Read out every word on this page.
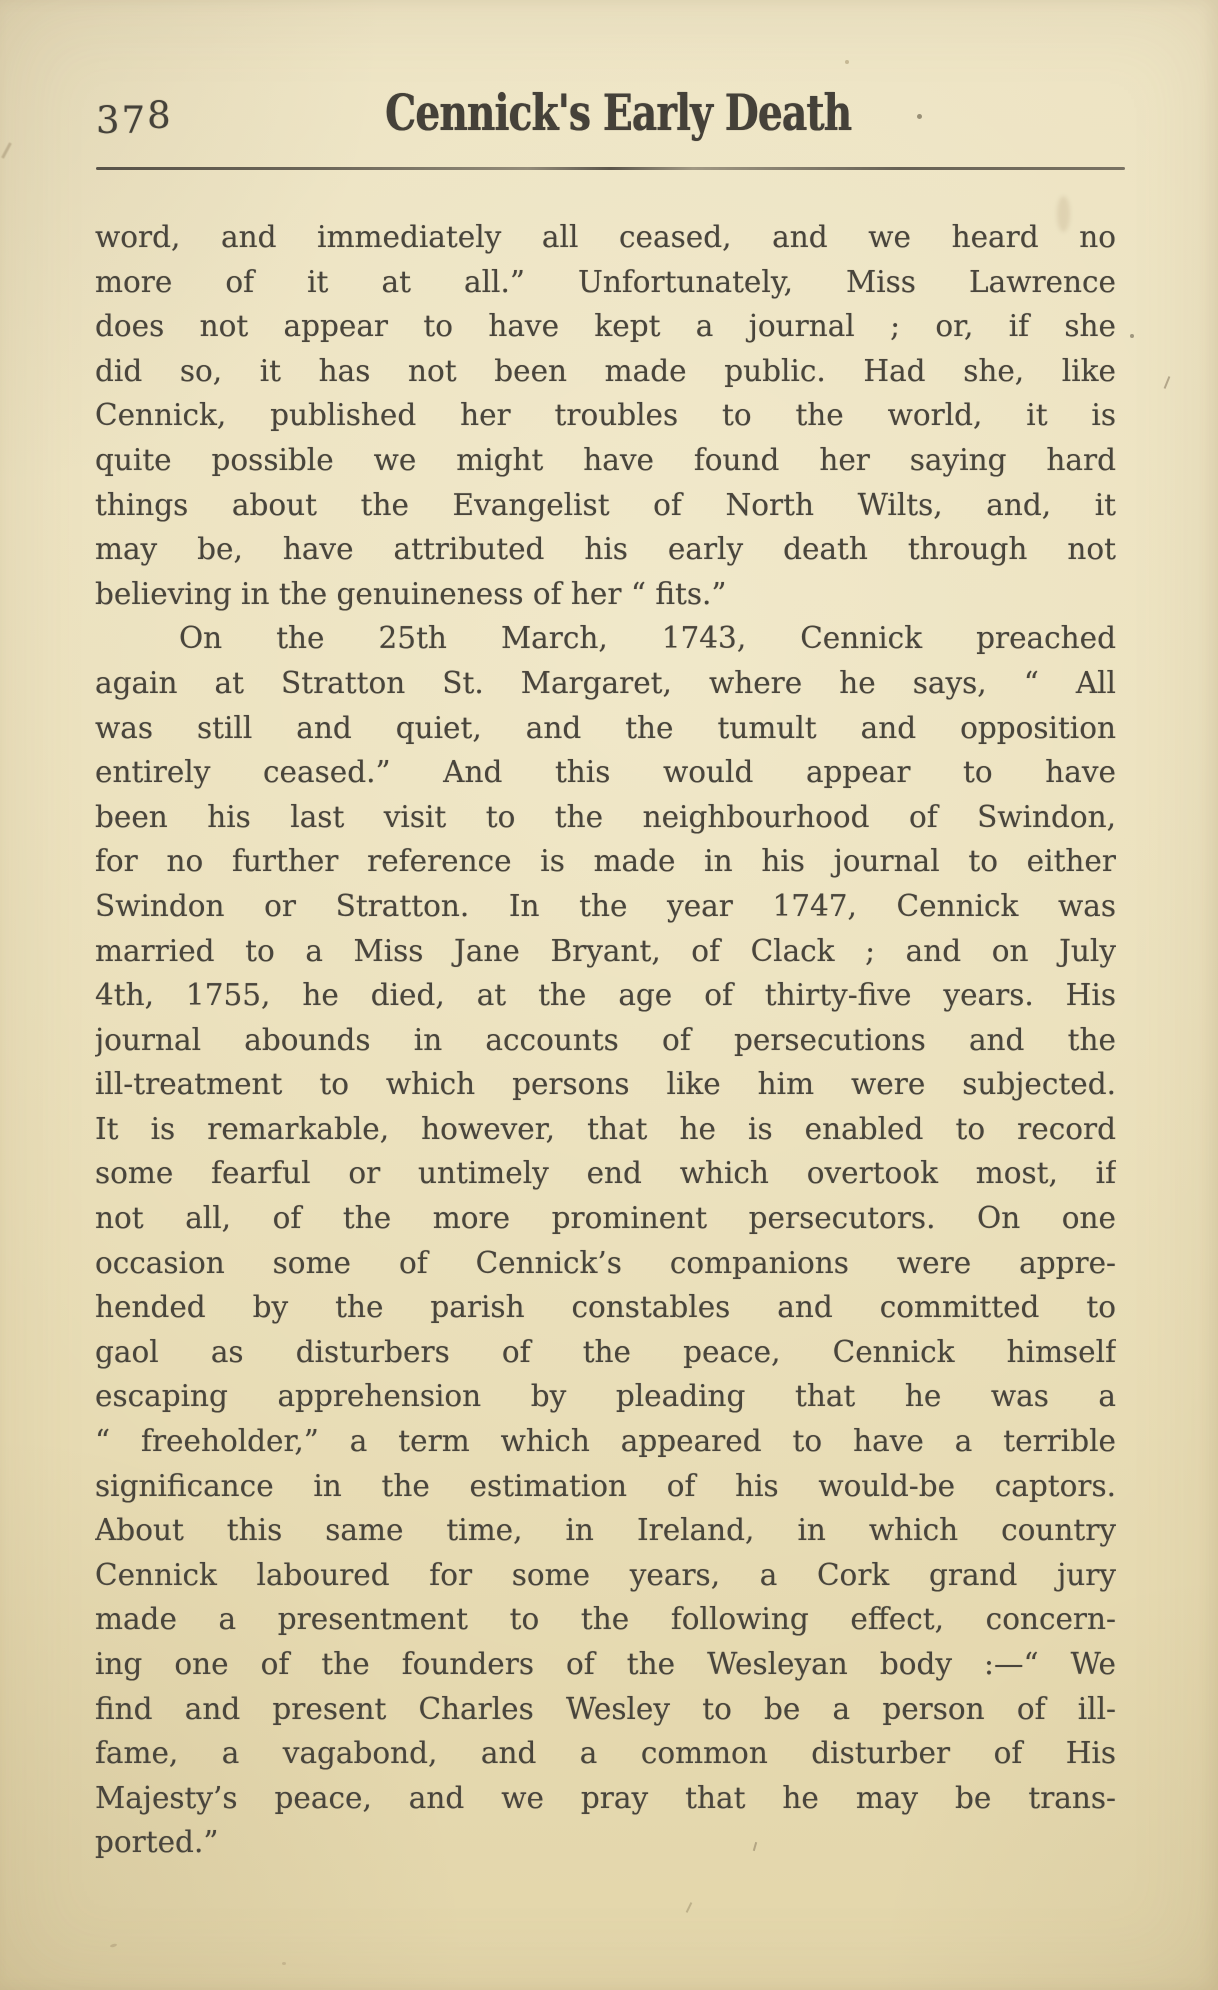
378	Cennick's Early Death
word, and immediately all ceased, and we heard no
more of it at all.” Unfortunately, Miss Lawrence
does not appear to have kept a journal ; or, if she
did so, it has not been made public. Had she, like
Cennick, published her troubles to the world, it is
quite possible we might have found her saying hard
things about the Evangelist of North Wilts, and, it
may be, have attributed his early death through not
believing in the genuineness of her “ fits.”
On the 25th March, 1743, Cennick preached
again at Stratton St. Margaret, where he says, “ All
was still and quiet, and the tumult and opposition
entirely ceased.” And this would appear to have
been his last visit to the neighbourhood of Swindon,
for no further reference is made in his journal to either
Swindon or Stratton. In the year 1747, Cennick was
married to a Miss Jane Bryant, of Clack ; and on July
4th, 1755, he died, at the age of thirty-five years. His
journal abounds in accounts of persecutions and the
ill-treatment to which persons like him were subjected.
It is remarkable, however, that he is enabled to record
some fearful or untimely end which overtook most, if
not all, of the more prominent persecutors. On one
occasion some of Cennick’s companions were appre-
hended by the parish constables and committed to
gaol as disturbers of the peace, Cennick himself
escaping apprehension by pleading that he was a
“ freeholder,” a term which appeared to have a terrible
significance in the estimation of his would-be captors.
About this same time, in Ireland, in which country
Cennick laboured for some years, a Cork grand jury
made a presentment to the following effect, concern-
ing one of the founders of the Wesleyan body :—“ We
find and present Charles Wesley to be a person of ill-
fame, a vagabond, and a common disturber of His
Majesty’s peace, and we pray that he may be trans-
ported.”
